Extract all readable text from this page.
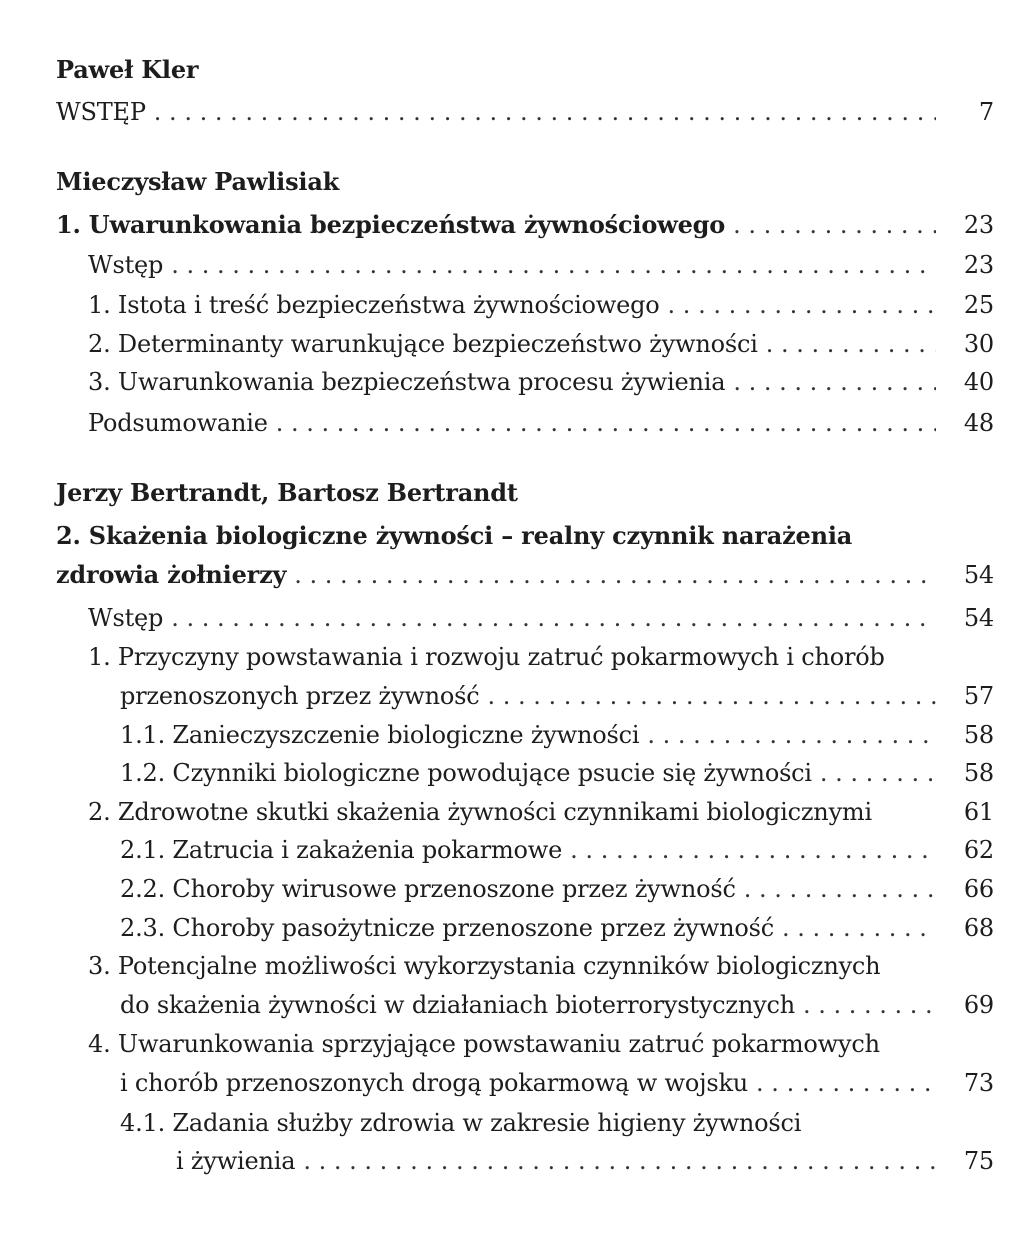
Paweł Kler
WSTĘP . . .	7
Mieczysław Pawlisiak
1. Uwarunkowania bezpieczeństwa żywnościowego . . .	23
Wstęp . . .	23
1. Istota i treść bezpieczeństwa żywnościowego . . .	25
2. Determinanty warunkujące bezpieczeństwo żywności . . .	30
3. Uwarunkowania bezpieczeństwa procesu żywienia . . .	40
Podsumowanie . . .	48
Jerzy Bertrandt, Bartosz Bertrandt
2. Skażenia biologiczne żywności – realny czynnik narażenia
zdrowia żołnierzy . . .	54
Wstęp . . .	54
1. Przyczyny powstawania i rozwoju zatruć pokarmowych i chorób
przenoszonych przez żywność . . .	57
1.1. Zanieczyszczenie biologiczne żywności . . .	58
1.2. Czynniki biologiczne powodujące psucie się żywności . . .	58
2. Zdrowotne skutki skażenia żywności czynnikami biologicznymi	61
2.1. Zatrucia i zakażenia pokarmowe . . .	62
2.2. Choroby wirusowe przenoszone przez żywność . . .	66
2.3. Choroby pasożytnicze przenoszone przez żywność . . .	68
3. Potencjalne możliwości wykorzystania czynników biologicznych
do skażenia żywności w działaniach bioterrorystycznych . . .	69
4. Uwarunkowania sprzyjające powstawaniu zatruć pokarmowych
i chorób przenoszonych drogą pokarmową w wojsku . . .	73
4.1. Zadania służby zdrowia w zakresie higieny żywności
i żywienia . . .	75
